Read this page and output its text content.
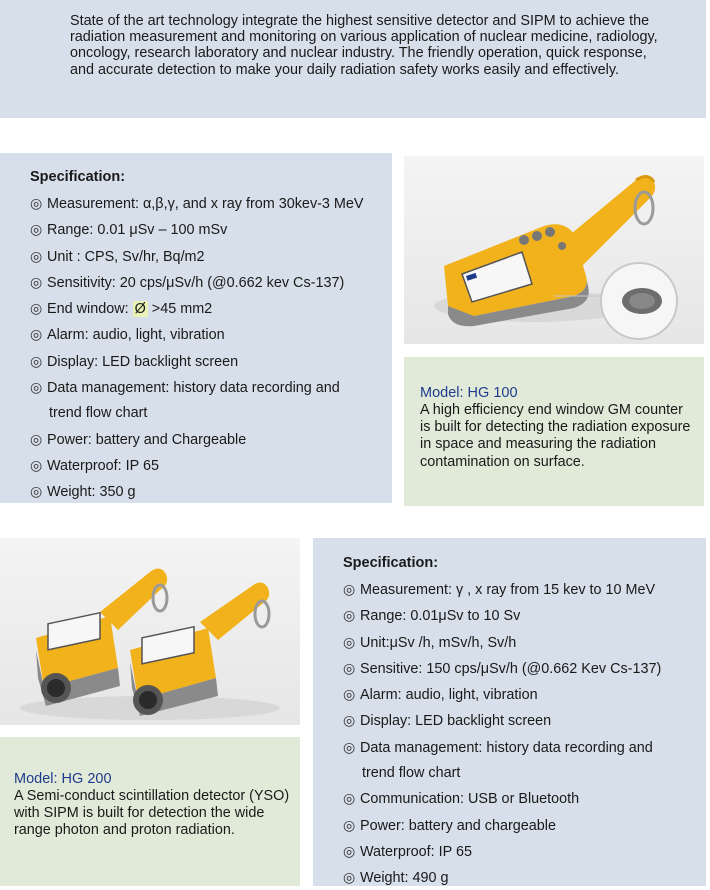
State of the art technology integrate the highest sensitive detector and SIPM to achieve the radiation measurement and monitoring on various application of nuclear medicine, radiology, oncology, research laboratory and nuclear industry. The friendly operation, quick response, and accurate detection to make your daily radiation safety works easily and effectively.

Specification:
◎ Measurement: α,β,γ, and x ray from 30kev-3 MeV
◎ Range: 0.01 μSv – 100 mSv
◎ Unit : CPS, Sv/hr, Bq/m2
◎ Sensitivity: 20 cps/μSv/h (@0.662 kev Cs-137)
◎ End window: Ø >45 mm2
◎ Alarm: audio, light, vibration
◎ Display: LED backlight screen
◎ Data management: history data recording and
trend flow chart
◎ Power: battery and Chargeable
◎ Waterproof: IP 65
◎ Weight: 350 g
Model: HG 100
A high efficiency end window GM counter is built for detecting the radiation exposure in space and measuring the radiation contamination on surface.
Model: HG 200
A Semi-conduct scintillation detector (YSO) with SIPM is built for detection the wide range photon and proton radiation.
Specification:
◎ Measurement: γ , x ray from 15 kev to 10 MeV
◎ Range: 0.01μSv to 10 Sv
◎ Unit:μSv /h, mSv/h, Sv/h
◎ Sensitive: 150 cps/μSv/h (@0.662 Kev Cs-137)
◎ Alarm: audio, light, vibration
◎ Display: LED backlight screen
◎ Data management: history data recording and
trend flow chart
◎ Communication: USB or Bluetooth
◎ Power: battery and chargeable
◎ Waterproof: IP 65
◎ Weight: 490 g
